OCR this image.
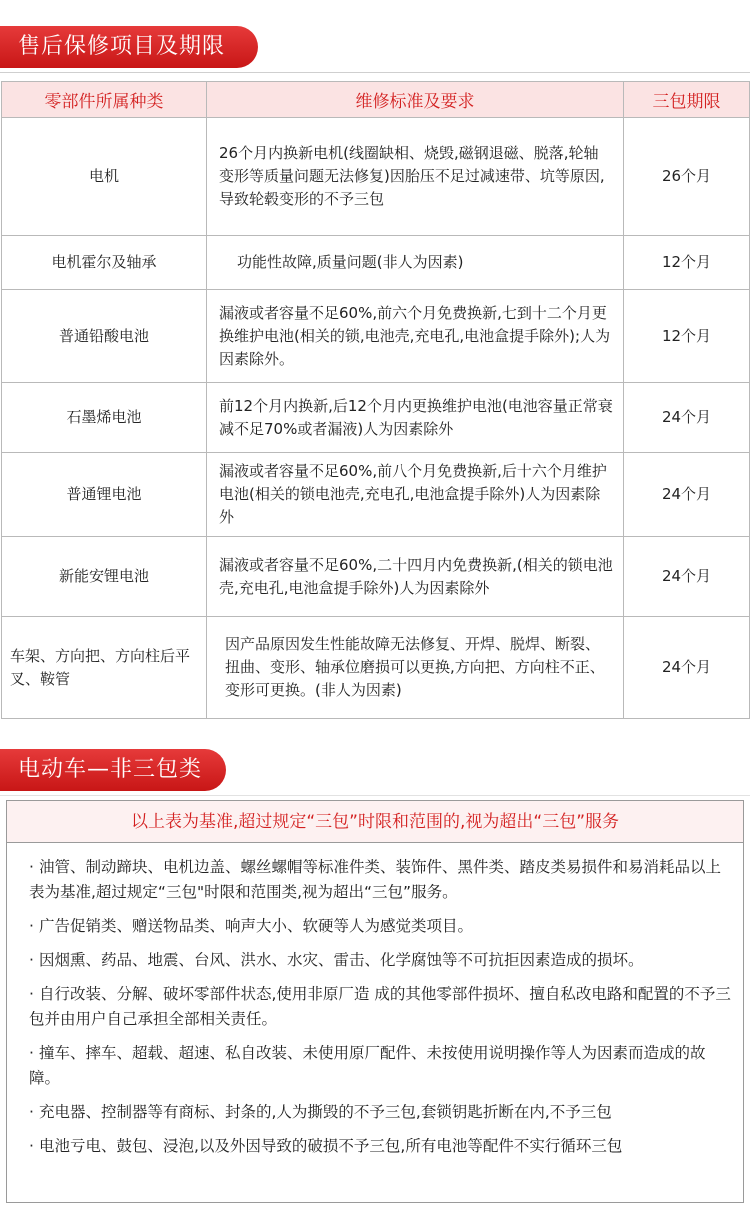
售后保修项目及期限
零部件所属种类	维修标准及要求	三包期限
电机	26个月内换新电机(线圈缺相、烧毁,磁钢退磁、脱落,轮轴变形等质量问题无法修复)因胎压不足过减速带、坑等原因,导致轮毂变形的不予三包	26个月
电机霍尔及轴承	功能性故障,质量问题(非人为因素)	12个月
普通铅酸电池	漏液或者容量不足60%,前六个月免费换新,七到十二个月更换维护电池(相关的锁,电池壳,充电孔,电池盒提手除外);人为因素除外。	12个月
石墨烯电池	前12个月内换新,后12个月内更换维护电池(电池容量正常衰减不足70%或者漏液)人为因素除外	24个月
普通锂电池	漏液或者容量不足60%,前八个月免费换新,后十六个月维护电池(相关的锁电池壳,充电孔,电池盒提手除外)人为因素除外	24个月
新能安锂电池	漏液或者容量不足60%,二十四月内免费换新,(相关的锁电池壳,充电孔,电池盒提手除外)人为因素除外	24个月
车架、方向把、方向柱后平叉、鞍管	因产品原因发生性能故障无法修复、开焊、脱焊、断裂、扭曲、变形、轴承位磨损可以更换,方向把、方向柱不正、变形可更换。(非人为因素)	24个月
电动车—非三包类
以上表为基准,超过规定“三包”时限和范围的,视为超出“三包”服务
· 油管、制动蹄块、电机边盖、螺丝螺帽等标准件类、装饰件、黑件类、踏皮类易损件和易消耗品以上表为基准,超过规定“三包"时限和范围类,视为超出“三包”服务。
· 广告促销类、赠送物品类、响声大小、软硬等人为感觉类项目。
· 因烟熏、药品、地震、台风、洪水、水灾、雷击、化学腐蚀等不可抗拒因素造成的损坏。
· 自行改装、分解、破坏零部件状态,使用非原厂造 成的其他零部件损坏、擅自私改电路和配置的不予三包并由用户自己承担全部相关责任。
· 撞车、摔车、超载、超速、私自改装、未使用原厂配件、未按使用说明操作等人为因素而造成的故障。
· 充电器、控制器等有商标、封条的,人为撕毁的不予三包,套锁钥匙折断在内,不予三包
· 电池亏电、鼓包、浸泡,以及外因导致的破损不予三包,所有电池等配件不实行循环三包
